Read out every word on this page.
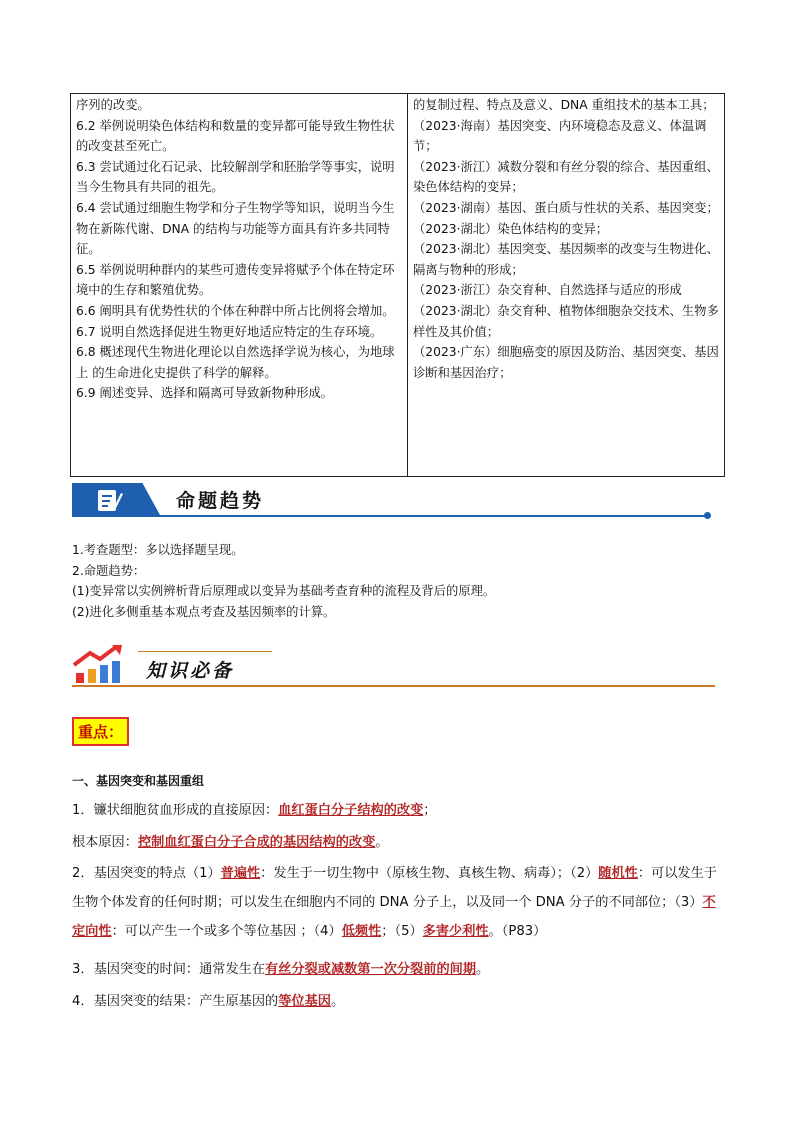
序列的改变。

6.2 举例说明染色体结构和数量的变异都可能导致生物性状的改变甚至死亡。

6.3 尝试通过化石记录、比较解剖学和胚胎学等事实，说明当今生物具有共同的祖先。

6.4 尝试通过细胞生物学和分子生物学等知识，说明当今生物在新陈代谢、DNA 的结构与功能等方面具有许多共同特征。

6.5 举例说明种群内的某些可遗传变异将赋予个体在特定环境中的生存和繁殖优势。

6.6 阐明具有优势性状的个体在种群中所占比例将会增加。

6.7 说明自然选择促进生物更好地适应特定的生存环境。

6.8 概述现代生物进化理论以自然选择学说为核心，为地球上 的生命进化史提供了科学的解释。

6.9 阐述变异、选择和隔离可导致新物种形成。

的复制过程、特点及意义、DNA 重组技术的基本工具；

（2023·海南）基因突变、内环境稳态及意义、体温调节；

（2023·浙江）减数分裂和有丝分裂的综合、基因重组、染色体结构的变异；

（2023·湖南）基因、蛋白质与性状的关系、基因突变；

（2023·湖北）染色体结构的变异；

（2023·湖北）基因突变、基因频率的改变与生物进化、隔离与物种的形成；

（2023·浙江）杂交育种、自然选择与适应的形成

（2023·湖北）杂交育种、植物体细胞杂交技术、生物多样性及其价值；

（2023·广东）细胞癌变的原因及防治、基因突变、基因诊断和基因治疗；

命题趋势

1.考查题型：多以选择题呈现。

2.命题趋势：

(1)变异常以实例辨析背后原理或以变异为基础考查育种的流程及背后的原理。

(2)进化多侧重基本观点考查及基因频率的计算。

知识必备
重点：
一、基因突变和基因重组

1．镰状细胞贫血形成的直接原因：血红蛋白分子结构的改变；

根本原因：控制血红蛋白分子合成的基因结构的改变。

2．基因突变的特点（1）普遍性：发生于一切生物中（原核生物、真核生物、病毒）；（2）随机性：可以发生于生物个体发育的任何时期；可以发生在细胞内不同的 DNA 分子上，以及同一个 DNA 分子的不同部位；（3）不定向性：可以产生一个或多个等位基因 ；（4）低频性；（5）多害少利性。（P83）

3．基因突变的时间：通常发生在有丝分裂或减数第一次分裂前的间期。

4．基因突变的结果：产生原基因的等位基因。
